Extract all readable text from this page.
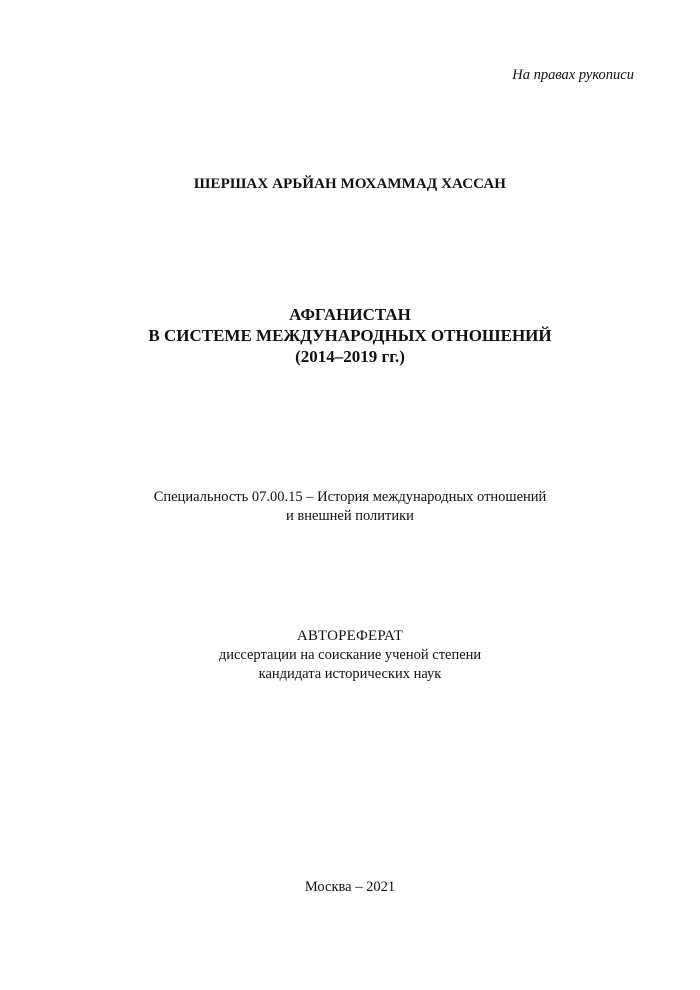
На правах рукописи
ШЕРШАХ АРЬЙАН МОХАММАД ХАССАН
АФГАНИСТАН
В СИСТЕМЕ МЕЖДУНАРОДНЫХ ОТНОШЕНИЙ
(2014–2019 гг.)
Специальность 07.00.15 – История международных отношений
и внешней политики
АВТОРЕФЕРАТ
диссертации на соискание ученой степени
кандидата исторических наук
Москва – 2021
